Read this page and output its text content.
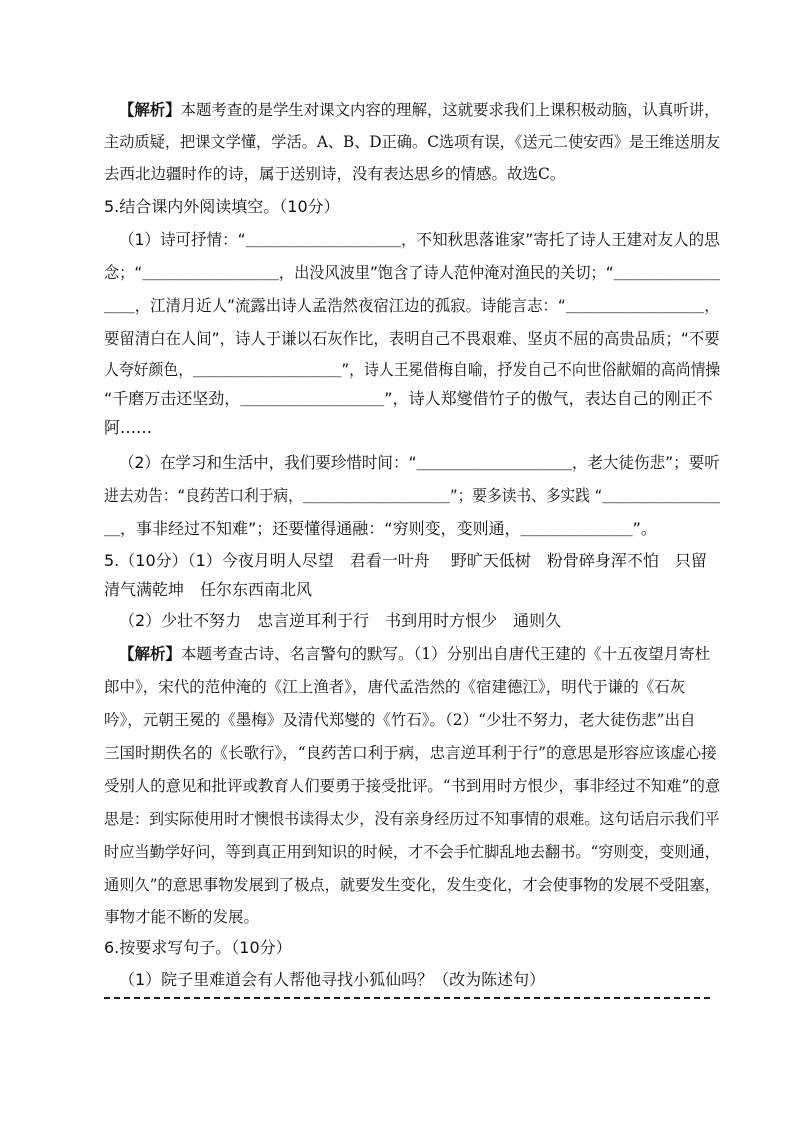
【解析】本题考查的是学生对课文内容的理解，这就要求我们上课积极动脑，认真听讲，
主动质疑，把课文学懂，学活。A、B、D正确。C选项有误，《送元二使安西》是王维送朋友
去西北边疆时作的诗，属于送别诗，没有表达思乡的情感。故选C。
5.结合课内外阅读填空。（10分）
（1）诗可抒情：“＿＿＿＿＿＿＿＿＿＿，不知秋思落谁家”寄托了诗人王建对友人的思
念；“＿＿＿＿＿＿＿＿＿，出没风波里”饱含了诗人范仲淹对渔民的关切；“＿＿＿＿＿＿＿
＿＿，江清月近人”流露出诗人孟浩然夜宿江边的孤寂。诗能言志：“＿＿＿＿＿＿＿＿＿，
要留清白在人间”，诗人于谦以石灰作比，表明自己不畏艰难、坚贞不屈的高贵品质；“不要
人夸好颜色，＿＿＿＿＿＿＿＿＿＿”，诗人王冕借梅自喻，抒发自己不向世俗献媚的高尚情操
“千磨万击还坚劲，＿＿＿＿＿＿＿＿＿”，诗人郑燮借竹子的傲气，表达自己的刚正不
阿……
（2）在学习和生活中，我们要珍惜时间：“＿＿＿＿＿＿＿＿＿＿，老大徒伤悲”；要听
进去劝告：“良药苦口利于病，＿＿＿＿＿＿＿＿＿＿”；要多读书、多实践 “＿＿＿＿＿＿＿＿
＿，事非经过不知难”；还要懂得通融：“穷则变，变则通，＿＿＿＿＿＿＿”。
5.（10分）（1）今夜月明人尽望　君看一叶舟　 野旷天低树　粉骨碎身浑不怕　只留
清气满乾坤　任尔东西南北风
（2）少壮不努力　忠言逆耳利于行　书到用时方恨少　通则久
【解析】本题考查古诗、名言警句的默写。（1）分别出自唐代王建的《十五夜望月寄杜
郎中》，宋代的范仲淹的《江上渔者》，唐代孟浩然的《宿建德江》，明代于谦的《石灰
吟》，元朝王冕的《墨梅》及清代郑燮的《竹石》。（2）“少壮不努力，老大徒伤悲”出自
三国时期佚名的《长歌行》，“良药苦口利于病，忠言逆耳利于行”的意思是形容应该虚心接
受别人的意见和批评或教育人们要勇于接受批评。“书到用时方恨少，事非经过不知难”的意
思是：到实际使用时才懊恨书读得太少，没有亲身经历过不知事情的艰难。这句话启示我们平
时应当勤学好问，等到真正用到知识的时候，才不会手忙脚乱地去翻书。“穷则变，变则通，
通则久”的意思事物发展到了极点，就要发生变化，发生变化，才会使事物的发展不受阻塞，
事物才能不断的发展。
6.按要求写句子。（10分）
（1）院子里难道会有人帮他寻找小狐仙吗？（改为陈述句）
